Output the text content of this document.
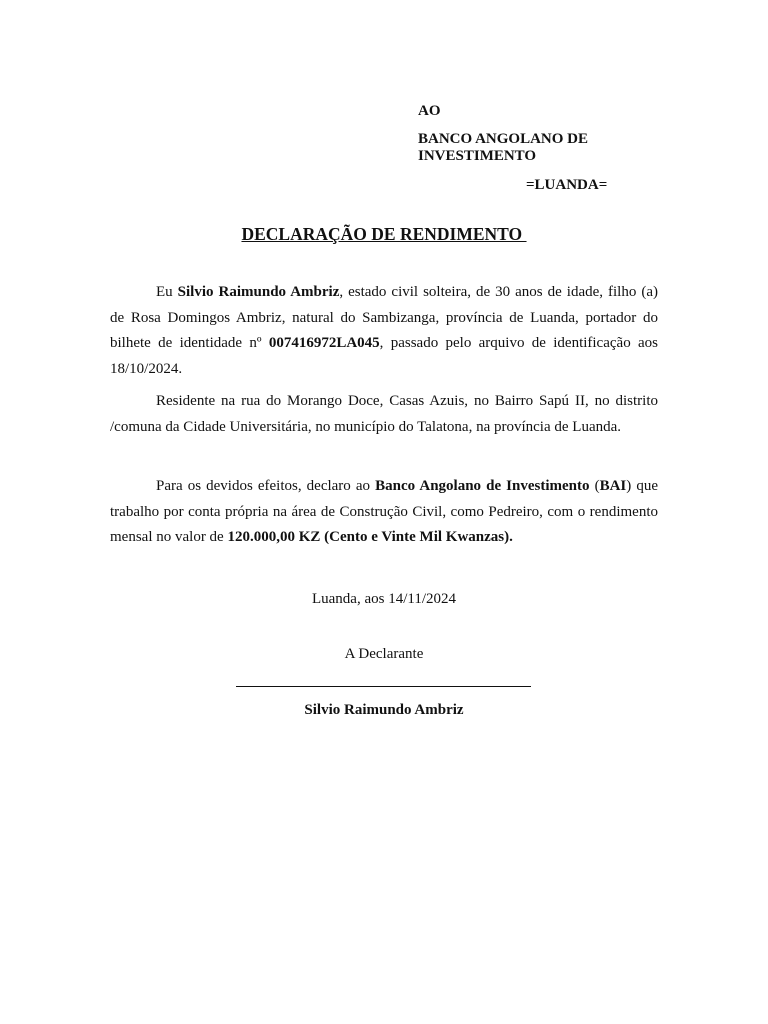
AO
BANCO ANGOLANO DE INVESTIMENTO
=LUANDA=
DECLARAÇÃO DE RENDIMENTO

Eu Silvio Raimundo Ambriz, estado civil solteira, de 30 anos de idade, filho (a) de Rosa Domingos Ambriz, natural do Sambizanga, província de Luanda, portador do bilhete de identidade nº 007416972LA045, passado pelo arquivo de identificação aos 18/10/2024.

Residente na rua do Morango Doce, Casas Azuis, no Bairro Sapú II, no distrito /comuna da Cidade Universitária, no município do Talatona, na província de Luanda.

Para os devidos efeitos, declaro ao Banco Angolano de Investimento (BAI) que trabalho por conta própria na área de Construção Civil, como Pedreiro, com o rendimento mensal no valor de 120.000,00 KZ (Cento e Vinte Mil Kwanzas).

Luanda, aos 14/11/2024
A Declarante
Silvio Raimundo Ambriz
